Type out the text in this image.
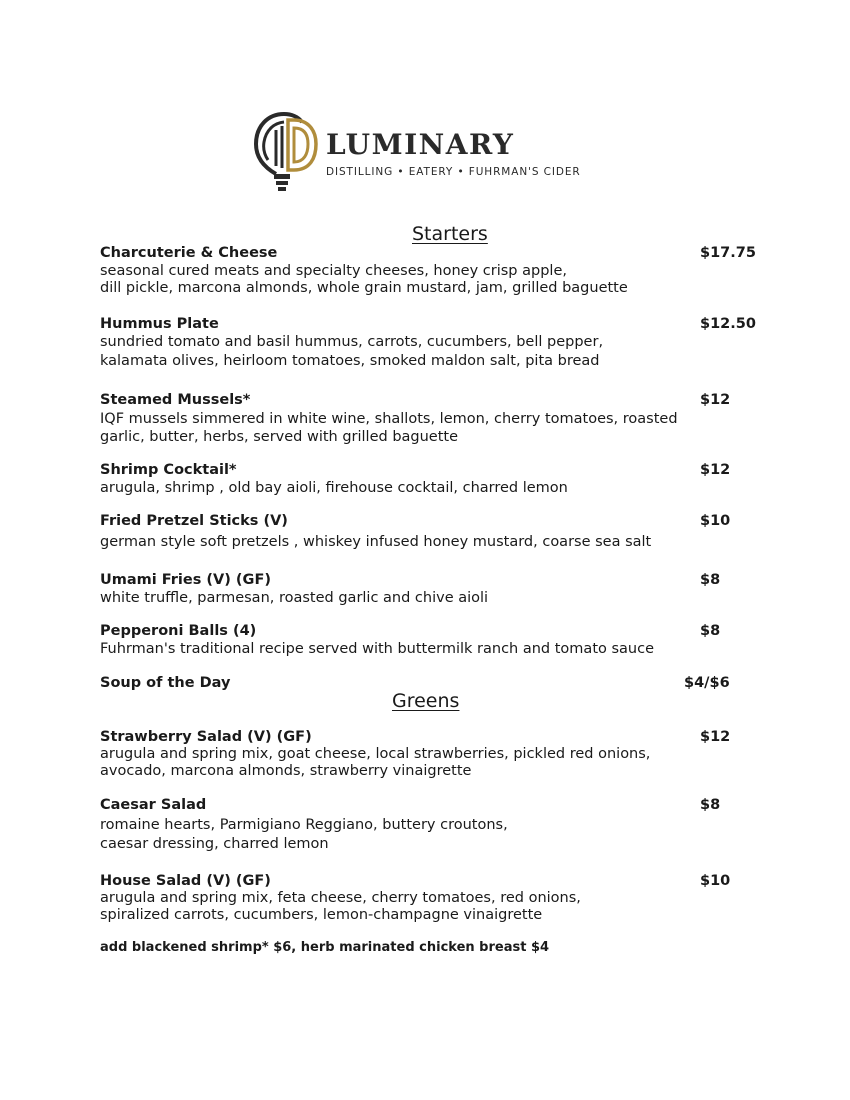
LUMINARY
DISTILLING • EATERY • FUHRMAN'S CIDER
Starters
Charcuterie & Cheese	$17.75
seasonal cured meats and specialty cheeses, honey crisp apple,
dill pickle, marcona almonds, whole grain mustard, jam, grilled baguette
Hummus Plate	$12.50
sundried tomato and basil hummus, carrots, cucumbers, bell pepper,
kalamata olives, heirloom tomatoes, smoked maldon salt, pita bread
Steamed Mussels*	$12
IQF mussels simmered in white wine, shallots, lemon, cherry tomatoes, roasted
garlic, butter, herbs, served with grilled baguette
Shrimp Cocktail*	$12
arugula, shrimp , old bay aioli, firehouse cocktail, charred lemon
Fried Pretzel Sticks (V)	$10
german style soft pretzels , whiskey infused honey mustard, coarse sea salt
Umami Fries (V) (GF)	$8
white truffle, parmesan, roasted garlic and chive aioli
Pepperoni Balls (4)	$8
Fuhrman's traditional recipe served with buttermilk ranch and tomato sauce
Soup of the Day	$4/$6
Greens
Strawberry Salad (V) (GF)	$12
arugula and spring mix, goat cheese, local strawberries, pickled red onions,
avocado, marcona almonds, strawberry vinaigrette
Caesar Salad	$8
romaine hearts, Parmigiano Reggiano, buttery croutons,
caesar dressing, charred lemon
House Salad (V) (GF)	$10
arugula and spring mix, feta cheese, cherry tomatoes, red onions,
spiralized carrots, cucumbers, lemon-champagne vinaigrette
add blackened shrimp* $6, herb marinated chicken breast $4
